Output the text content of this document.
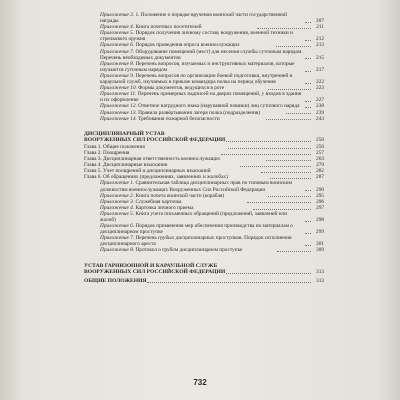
Приложение 3. 1. Положение о порядке вручения воинской части государственной награды	207
Приложение 4. Книга почетных посетителей	211
Приложение 5. Порядок получения личному составу вооружения, военной техники и стрелкового оружия	212
Приложение 6. Порядок проведения опроса военнослужащих	213
Приложение 7. Оборудование помещений (мест) для несения службы суточным нарядом. Перечень необходимых документов	215
Приложение 8. Перечень вопросов, изучаемых и инструктивных материалов, которые изучаются суточным нарядом	217
Приложение 9. Перечень вопросов по организации боевой подготовки, внутренней и караульной служб, изучаемых в приказе командира полка на период обучения	222
Приложение 10. Формы документов, ведущихся в роте	223
Приложение 11. Перечень примерных надписей на дверях помещений, у входов в здания и их оформление	227
Приложение 12. Ответное нагрудного знака (нарукавной повязки) лиц суточного наряда	238
Приложение 13. Правила развёртывания лагеря полка (подразделения)	239
Приложение 14. Требования пожарной безопасности	243
ДИСЦИПЛИНАРНЫЙ УСТАВ
ВООРУЖЕННЫХ СИЛ РОССИЙСКОЙ ФЕДЕРАЦИИ	250
Глава 1. Общие положения	250
Глава 2. Поощрения	257
Глава 3. Дисциплинарная ответственность военнослужащих	263
Глава 4. Дисциплинарные взыскания	270
Глава 5. Учет поощрений и дисциплинарных взысканий	282
Глава 6. Об обращениях (предложениях, заявлениях и жалобах)	287
Приложение 1. Сравнительная таблица дисциплинарных прав по типовым воинским должностям военнослужащих Вооруженных Сил Российской Федерации	290
Приложение 2. Книга почета воинской части (корабля)	295
Приложение 3. Служебная карточка	296
Приложение 4. Карточка личного приема	297
Приложение 5. Книга учета письменных обращений (предложений, заявлений или жалоб)	298
Приложение 6. Порядок применения мер обеспечения производства по материалам о дисциплинарном проступке	299
Приложение 7. Перечень грубых дисциплинарных проступков. Порядок исполнения дисциплинарного ареста	301
Приложение 8. Протокол о грубом дисциплинарном проступке	309
УСТАВ ГАРНИЗОННОЙ И КАРАУЛЬНОЙ СЛУЖБ
ВООРУЖЕННЫХ СИЛ РОССИЙСКОЙ ФЕДЕРАЦИИ	313
ОБЩИЕ ПОЛОЖЕНИЯ	313
732
